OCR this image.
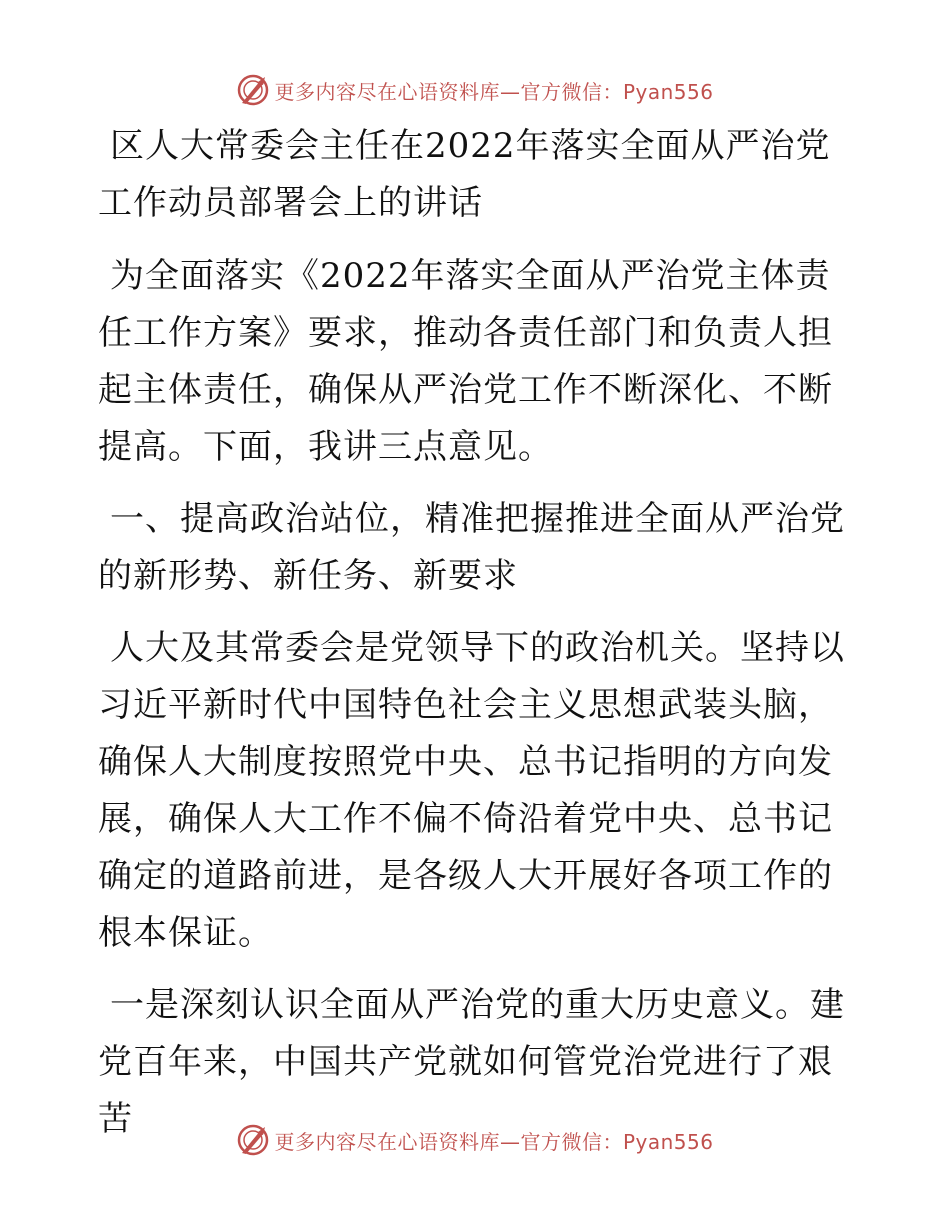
更多内容尽在心语资料库—官方微信：Pyan556

区人大常委会主任在2022年落实全面从严治党工作动员部署会上的讲话

为全面落实《2022年落实全面从严治党主体责任工作方案》要求，推动各责任部门和负责人担起主体责任，确保从严治党工作不断深化、不断提高。下面，我讲三点意见。

一、提高政治站位，精准把握推进全面从严治党的新形势、新任务、新要求

人大及其常委会是党领导下的政治机关。坚持以习近平新时代中国特色社会主义思想武装头脑，确保人大制度按照党中央、总书记指明的方向发展，确保人大工作不偏不倚沿着党中央、总书记确定的道路前进，是各级人大开展好各项工作的根本保证。

一是深刻认识全面从严治党的重大历史意义。建党百年来，中国共产党就如何管党治党进行了艰苦

更多内容尽在心语资料库—官方微信：Pyan556
